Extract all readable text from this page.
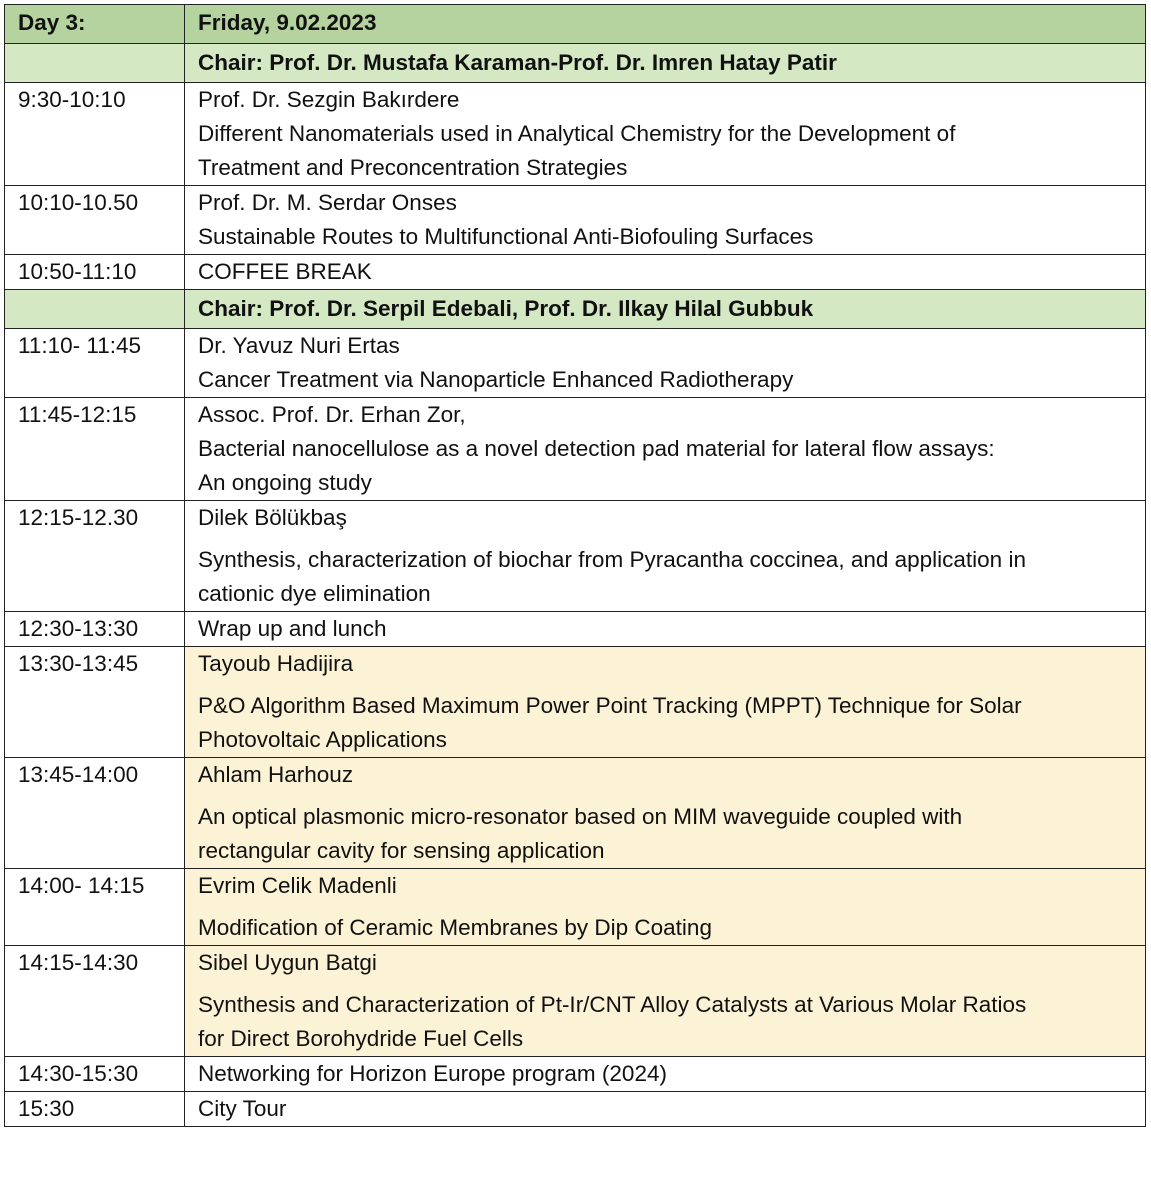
Day 3:	Friday, 9.02.2023
	Chair: Prof. Dr. Mustafa Karaman-Prof. Dr. Imren Hatay Patir
9:30-10:10	Prof. Dr. Sezgin Bakırdere
Different Nanomaterials used in Analytical Chemistry for the Development of
Treatment and Preconcentration Strategies

10:10-10.50	Prof. Dr. M. Serdar Onses
Sustainable Routes to Multifunctional Anti-Biofouling Surfaces

10:50-11:10	COFFEE BREAK
	Chair: Prof. Dr. Serpil Edebali, Prof. Dr. Ilkay Hilal Gubbuk
11:10- 11:45	Dr. Yavuz Nuri Ertas
Cancer Treatment via Nanoparticle Enhanced Radiotherapy

11:45-12:15	Assoc. Prof. Dr. Erhan Zor,
Bacterial nanocellulose as a novel detection pad material for lateral flow assays:
An ongoing study

12:15-12.30	Dilek Bölükbaş
Synthesis, characterization of biochar from Pyracantha coccinea, and application in
cationic dye elimination

12:30-13:30	Wrap up and lunch
13:30-13:45	Tayoub Hadijira
P&O Algorithm Based Maximum Power Point Tracking (MPPT) Technique for Solar
Photovoltaic Applications

13:45-14:00	Ahlam Harhouz
An optical plasmonic micro-resonator based on MIM waveguide coupled with
rectangular cavity for sensing application

14:00- 14:15	Evrim Celik Madenli
Modification of Ceramic Membranes by Dip Coating

14:15-14:30	Sibel Uygun Batgi
Synthesis and Characterization of Pt-Ir/CNT Alloy Catalysts at Various Molar Ratios
for Direct Borohydride Fuel Cells

14:30-15:30	Networking for Horizon Europe program (2024)
15:30	City Tour
